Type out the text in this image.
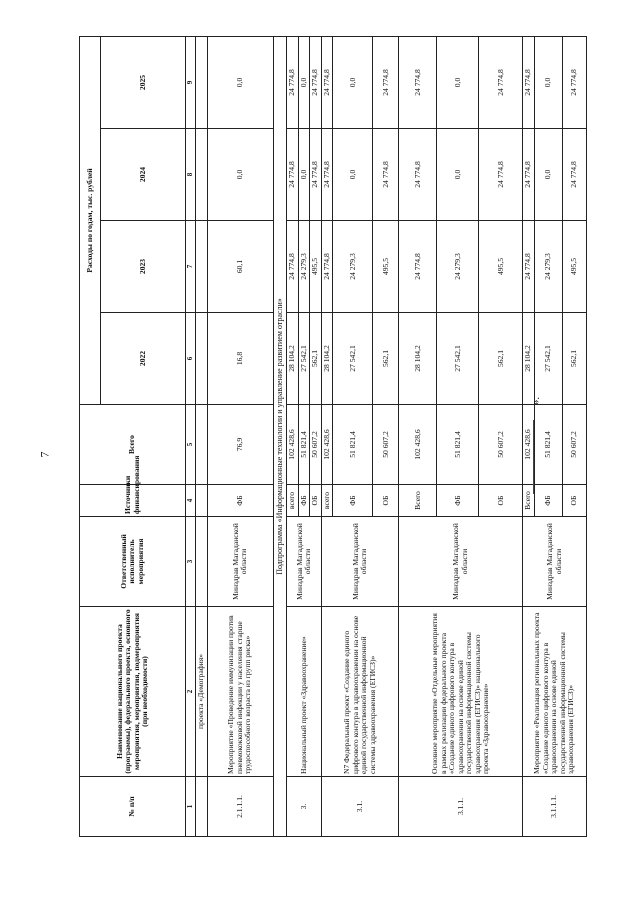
7
№ п/п	Наименование национального проекта (программы), федерального проекта, основного мероприятия, мероприятия, подмероприятия (при необходимости)	Ответственный исполнитель мероприятия	Источники финансирования	Всего	Расходы по годам, тыс. рублей			
					2022	2023	2024	2025
1	2	3	4	5	6	7	8	9
	проекта «Демография»							
2.1.1.1.	Мероприятие «Проведение иммунизации против пневмококковой инфекции у населения старше трудоспособного возраста из групп риска»	Минздрав Магаданской области	ФБ	76,9	16,8	60,1	0,0	0,0
Подпрограмма «Информационные технологии и управление развитием отрасли»								
3.	Национальный проект «Здравоохранение»	Минздрав Магаданской области	всего	102 428,6	28 104,2	24 774,8	24 774,8	24 774,8
			ФБ	51 821,4	27 542,1	24 279,3	0,0	0,0
			ОБ	50 607,2	562,1	495,5	24 774,8	24 774,8
3.1.	N7 Федеральный проект «Создание единого цифрового контура в здравоохранении на основе единой государственной информационной системы здравоохранения (ЕГИСЗ)»	Минздрав Магаданской области	всего	102 428,6	28 104,2	24 774,8	24 774,8	24 774,8
			ФБ	51 821,4	27 542,1	24 279,3	0,0	0,0
			ОБ	50 607,2	562,1	495,5	24 774,8	24 774,8
3.1.1.	Основное мероприятие «Отдельные мероприятия в рамках реализации федерального проекта «Создание единого цифрового контура в здравоохранении на основе единой государственной информационной системы здравоохранения (ЕГИСЗ)» национального проекта «Здравоохранение»	Минздрав Магаданской области	Всего	102 428,6	28 104,2	24 774,8	24 774,8	24 774,8
			ФБ	51 821,4	27 542,1	24 279,3	0,0	0,0
			ОБ	50 607,2	562,1	495,5	24 774,8	24 774,8
3.1.1.1.	Мероприятие «Реализация региональных проекта «Создание единого цифрового контура в здравоохранении на основе единой государственной информационной системы здравоохранения (ЕГИСЗ)»	Минздрав Магаданской области	Всего	102 428,6	28 104,2	24 774,8	24 774,8	24 774,8
			ФБ	51 821,4	27 542,1	24 279,3	0,0	0,0
			ОБ	50 607,2	562,1	495,5	24 774,8	24 774,8
».
